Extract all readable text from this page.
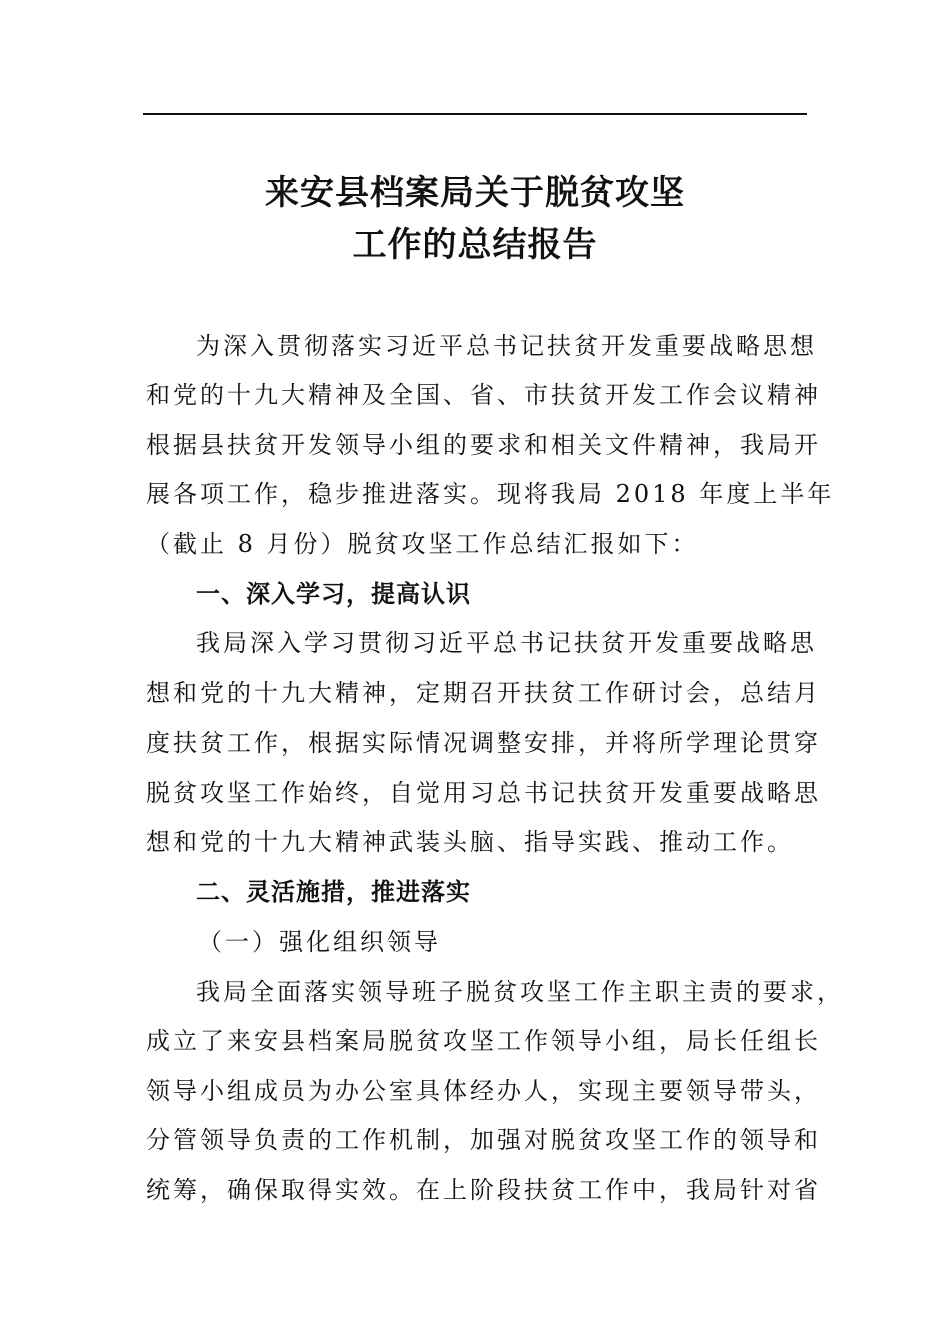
来安县档案局关于脱贫攻坚
工作的总结报告
为深入贯彻落实习近平总书记扶贫开发重要战略思想
和党的十九大精神及全国、省、市扶贫开发工作会议精神
根据县扶贫开发领导小组的要求和相关文件精神，我局开
展各项工作，稳步推进落实。现将我局 2018 年度上半年
（截止 8 月份）脱贫攻坚工作总结汇报如下：
一、深入学习，提高认识
我局深入学习贯彻习近平总书记扶贫开发重要战略思
想和党的十九大精神，定期召开扶贫工作研讨会，总结月
度扶贫工作，根据实际情况调整安排，并将所学理论贯穿
脱贫攻坚工作始终，自觉用习总书记扶贫开发重要战略思
想和党的十九大精神武装头脑、指导实践、推动工作。
二、灵活施措，推进落实
（一）强化组织领导
我局全面落实领导班子脱贫攻坚工作主职主责的要求，
成立了来安县档案局脱贫攻坚工作领导小组，局长任组长
领导小组成员为办公室具体经办人，实现主要领导带头，
分管领导负责的工作机制，加强对脱贫攻坚工作的领导和
统筹，确保取得实效。在上阶段扶贫工作中，我局针对省
